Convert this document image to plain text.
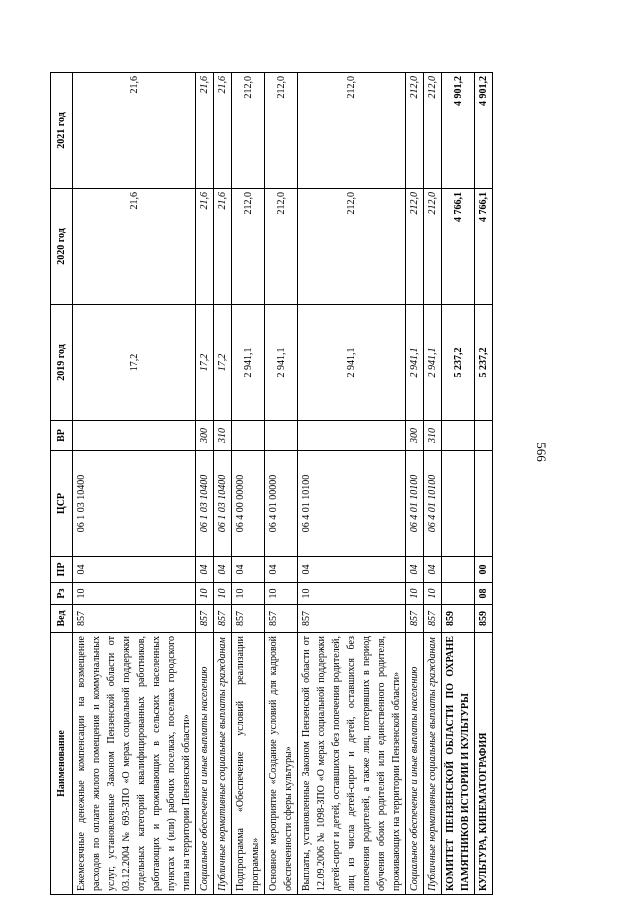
566
Наименование	Вед	Рз	ПР	ЦСР	ВР	2019 год	2020 год	2021 год
Ежемесячные денежные компенсации на возмещение расходов по оплате жилого помещения и коммунальных услуг, установленные Законом Пензенской области от 03.12.2004 № 693-ЗПО «О мерах социальной поддержки отдельных категорий квалифицированных работников, работающих и проживающих в сельских населенных пунктах и (или) рабочих поселках, поселках городского типа на территории Пензенской области»	857	10	04	06 1 03 10400		17,2	21,6	21,6
Социальное обеспечение и иные выплаты населению	857	10	04	06 1 03 10400	300	17,2	21,6	21,6
Публичные нормативные социальные выплаты гражданам	857	10	04	06 1 03 10400	310	17,2	21,6	21,6
Подпрограмма «Обеспечение условий реализации программы»	857	10	04	06 4 00 00000		2 941,1	212,0	212,0
Основное мероприятие «Создание условий для кадровой обеспеченности сферы культуры»	857	10	04	06 4 01 00000		2 941,1	212,0	212,0
Выплаты, установленные Законом Пензенской области от 12.09.2006 № 1098-ЗПО «О мерах социальной поддержки детей-сирот и детей, оставшихся без попечения родителей, лиц из числа детей-сирот и детей, оставшихся без попечения родителей, а также лиц, потерявших в период обучения обоих родителей или единственного родителя, проживающих на территории Пензенской области»	857	10	04	06 4 01 10100		2 941,1	212,0	212,0
Социальное обеспечение и иные выплаты населению	857	10	04	06 4 01 10100	300	2 941,1	212,0	212,0
Публичные нормативные социальные выплаты гражданам	857	10	04	06 4 01 10100	310	2 941,1	212,0	212,0
КОМИТЕТ ПЕНЗЕНСКОЙ ОБЛАСТИ ПО ОХРАНЕ ПАМЯТНИКОВ ИСТОРИИ И КУЛЬТУРЫ	859					5 237,2	4 766,1	4 901,2
КУЛЬТУРА, КИНЕМАТОГРАФИЯ	859	08	00			5 237,2	4 766,1	4 901,2
